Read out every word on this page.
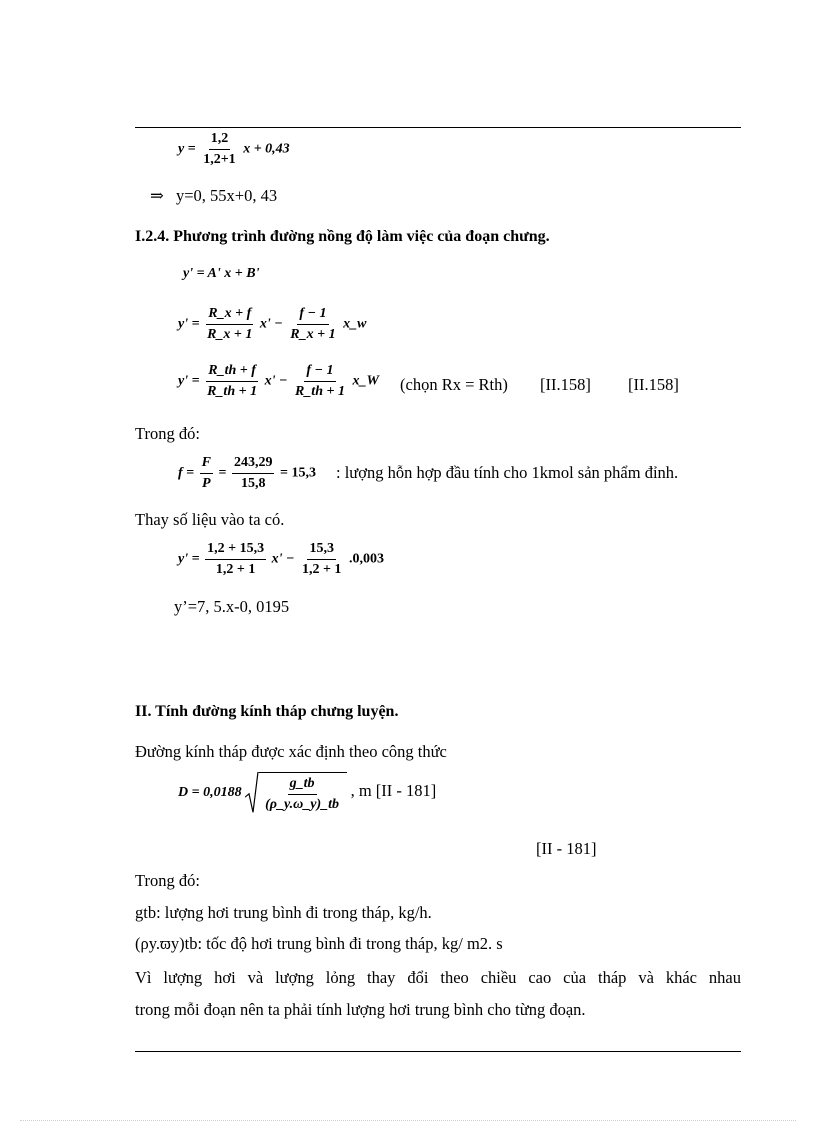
$y = \frac{1,2}{1,2+1}$ x + 0,43
⇒ y=0, 55x+0, 43
I.2.4. Phương trình đường nồng độ làm việc của đoạn chưng.
y' = A' x + B'
$y' = \frac{R\_x + f}{R\_x + 1} x' - \frac{f - 1}{R\_x + 1}$ x_w
$y' = \frac{R\_th + f}{R\_th + 1} x' - \frac{f - 1}{R\_th + 1}$ x_W (chọn Rx = Rth) [II.158] [II.158]
Trong đó:
$f = \frac{F}{P} = \frac{243,29}{15,8} = 15,3$ : lượng hỗn hợp đầu tính cho 1kmol sản phẩm đỉnh.
Thay số liệu vào ta có.
$y' = \frac{1,2 + 15,3}{1,2 + 1} x' - \frac{15,3}{1,2 + 1} .0,003$
y’=7, 5.x-0, 0195
II. Tính đường kính tháp chưng luyện.
Đường kính tháp được xác định theo công thức
$D = 0,0188 \frac{g\_tb}{(\rho\_y.\omega\_y)\_tb}$ , m [II - 181]
[II - 181]
Trong đó:
gtb: lượng hơi trung bình đi trong tháp, kg/h.
(ρy.ϖy)tb: tốc độ hơi trung bình đi trong tháp, kg/ m2. s
Vì lượng hơi và lượng lỏng thay đổi theo chiều cao của tháp và khác nhau
trong mỗi đoạn nên ta phải tính lượng hơi trung bình cho từng đoạn.
